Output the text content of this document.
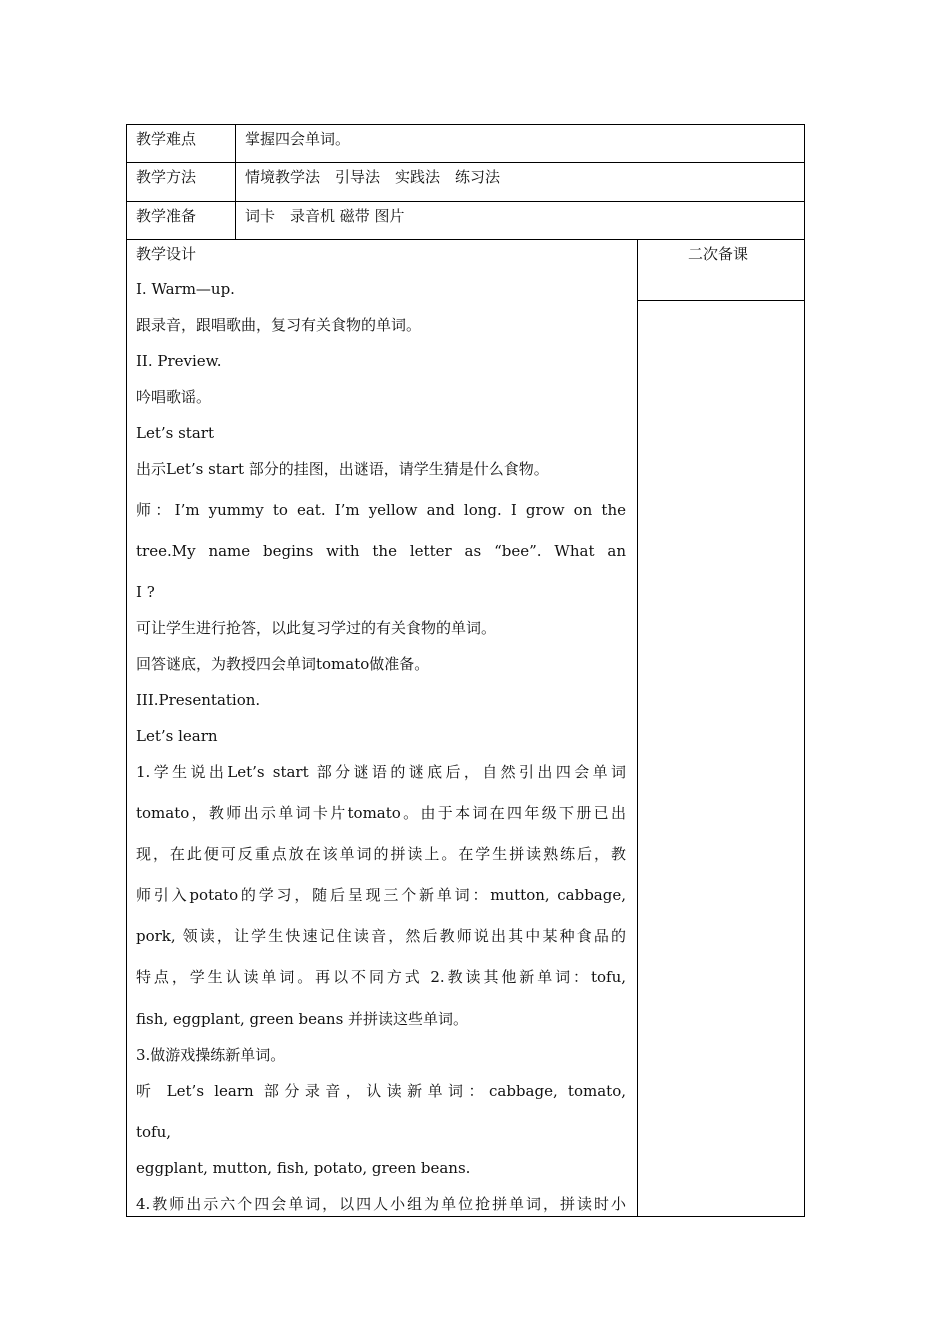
教学难点	掌握四会单词。
教学方法	情境教学法　引导法　实践法　练习法
教学准备	词卡　录音机 磁带 图片
教学设计	二次备课
I. Warm—up.
跟录音，跟唱歌曲，复习有关食物的单词。
II. Preview.
吟唱歌谣。
Let’s start
出示Let’s start 部分的挂图，出谜语，请学生猜是什么食物。
师：I’m yummy to eat. I’m yellow and long. I grow on the
tree.My name begins with the letter as “bee”. What an
I ?
可让学生进行抢答，以此复习学过的有关食物的单词。
回答谜底，为教授四会单词tomato做准备。
III.Presentation.
Let’s learn
1.学生说出Let’s start 部分谜语的谜底后，自然引出四会单词
tomato，教师出示单词卡片tomato。由于本词在四年级下册已出
现，在此便可反重点放在该单词的拼读上。在学生拼读熟练后，教
师引入potato的学习，随后呈现三个新单词：mutton, cabbage,
pork, 领读，让学生快速记住读音，然后教师说出其中某种食品的
特点，学生认读单词。再以不同方式 2.教读其他新单词：tofu,
fish, eggplant, green beans 并拼读这些单词。
3.做游戏操练新单词。
听 Let’s learn 部分录音，认读新单词：cabbage, tomato,
tofu,
eggplant, mutton, fish, potato, green beans.
4.教师出示六个四会单词，以四人小组为单位抢拼单词，拼读时小
